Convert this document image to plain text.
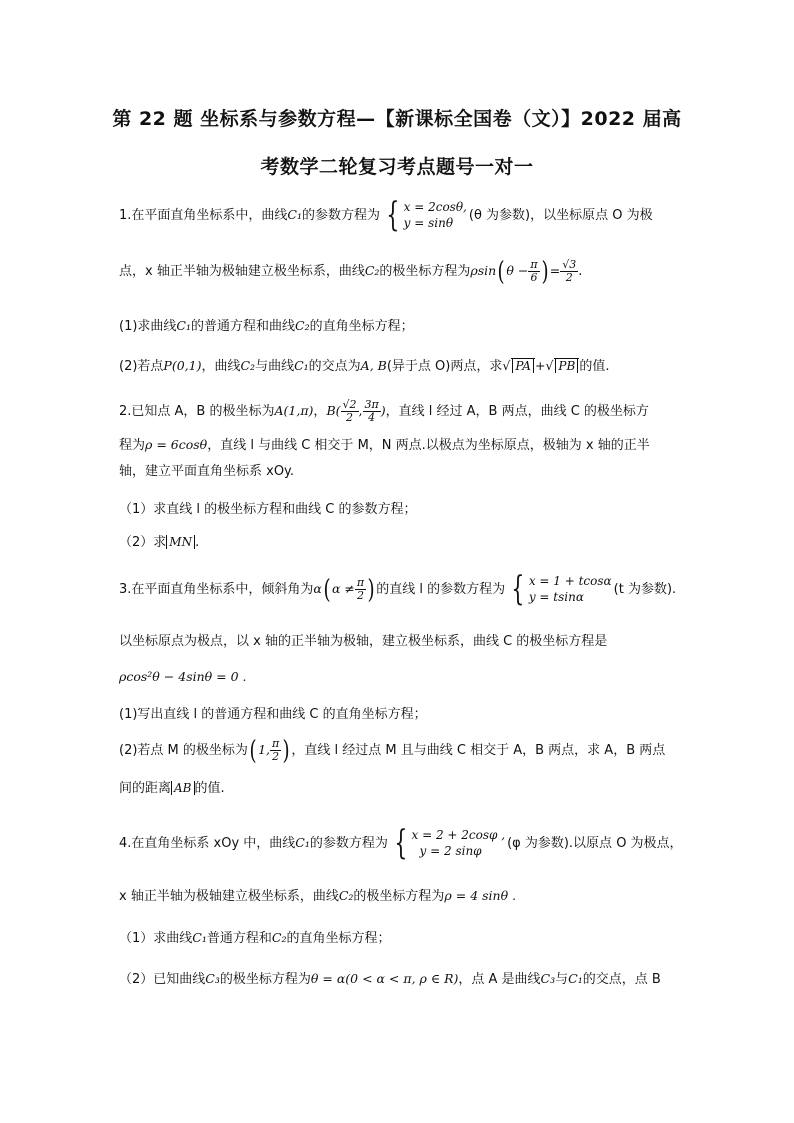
第 22 题 坐标系与参数方程—【新课标全国卷（文）】2022 届高
考数学二轮复习考点题号一对一
1.在平面直角坐标系中，曲线C₁的参数方程为 { x = 2cosθ,
y = sinθ
(θ 为参数)，以坐标原点 O 为极
点，x 轴正半轴为极轴建立极坐标系，曲线C₂的极坐标方程为ρsin( $\theta - \frac{\pi}{6}$ ) = $\frac{√3}{2}$ .
(1)求曲线C₁的普通方程和曲线C₂的直角坐标方程；
(2)若点P(0,1)，曲线C₂与曲线C₁的交点为A, B(异于点 O)两点，求√ PA +√ PB 的值.
2.已知点 A，B 的极坐标为A(1,π)，$B( \frac{√2}{2}$ , $\frac{3\pi}{4}$ )，直线 l 经过 A，B 两点，曲线 C 的极坐标方
程为ρ = 6cosθ，直线 l 与曲线 C 相交于 M，N 两点.以极点为坐标原点，极轴为 x 轴的正半
轴，建立平面直角坐标系 xOy.
（1）求直线 l 的极坐标方程和曲线 C 的参数方程；
（2）求 MN .
3.在平面直角坐标系中，倾斜角为α( $\alpha \ne \frac{\pi}{2}$ ) 的直线 l 的参数方程为 { x = 1 + tcosα
y = tsinα
(t 为参数).
以坐标原点为极点，以 x 轴的正半轴为极轴，建立极坐标系，曲线 C 的极坐标方程是
ρcos²θ − 4sinθ = 0 .
(1)写出直线 l 的普通方程和曲线 C 的直角坐标方程；
(2)若点 M 的极坐标为( 1, $\frac{\pi}{2}$ ) ，直线 l 经过点 M 且与曲线 C 相交于 A，B 两点，求 A，B 两点
间的距离 AB 的值.
4.在直角坐标系 xOy 中，曲线C₁的参数方程为 { x = 2 + 2cosφ ,
y = 2 sinφ
(φ 为参数).以原点 O 为极点，
x 轴正半轴为极轴建立极坐标系，曲线C₂的极坐标方程为ρ = 4 sinθ .
（1）求曲线C₁普通方程和C₂的直角坐标方程；
（2）已知曲线C₃的极坐标方程为θ = α(0 < α < π, ρ ∈ R)，点 A 是曲线C₃与C₁的交点，点 B
